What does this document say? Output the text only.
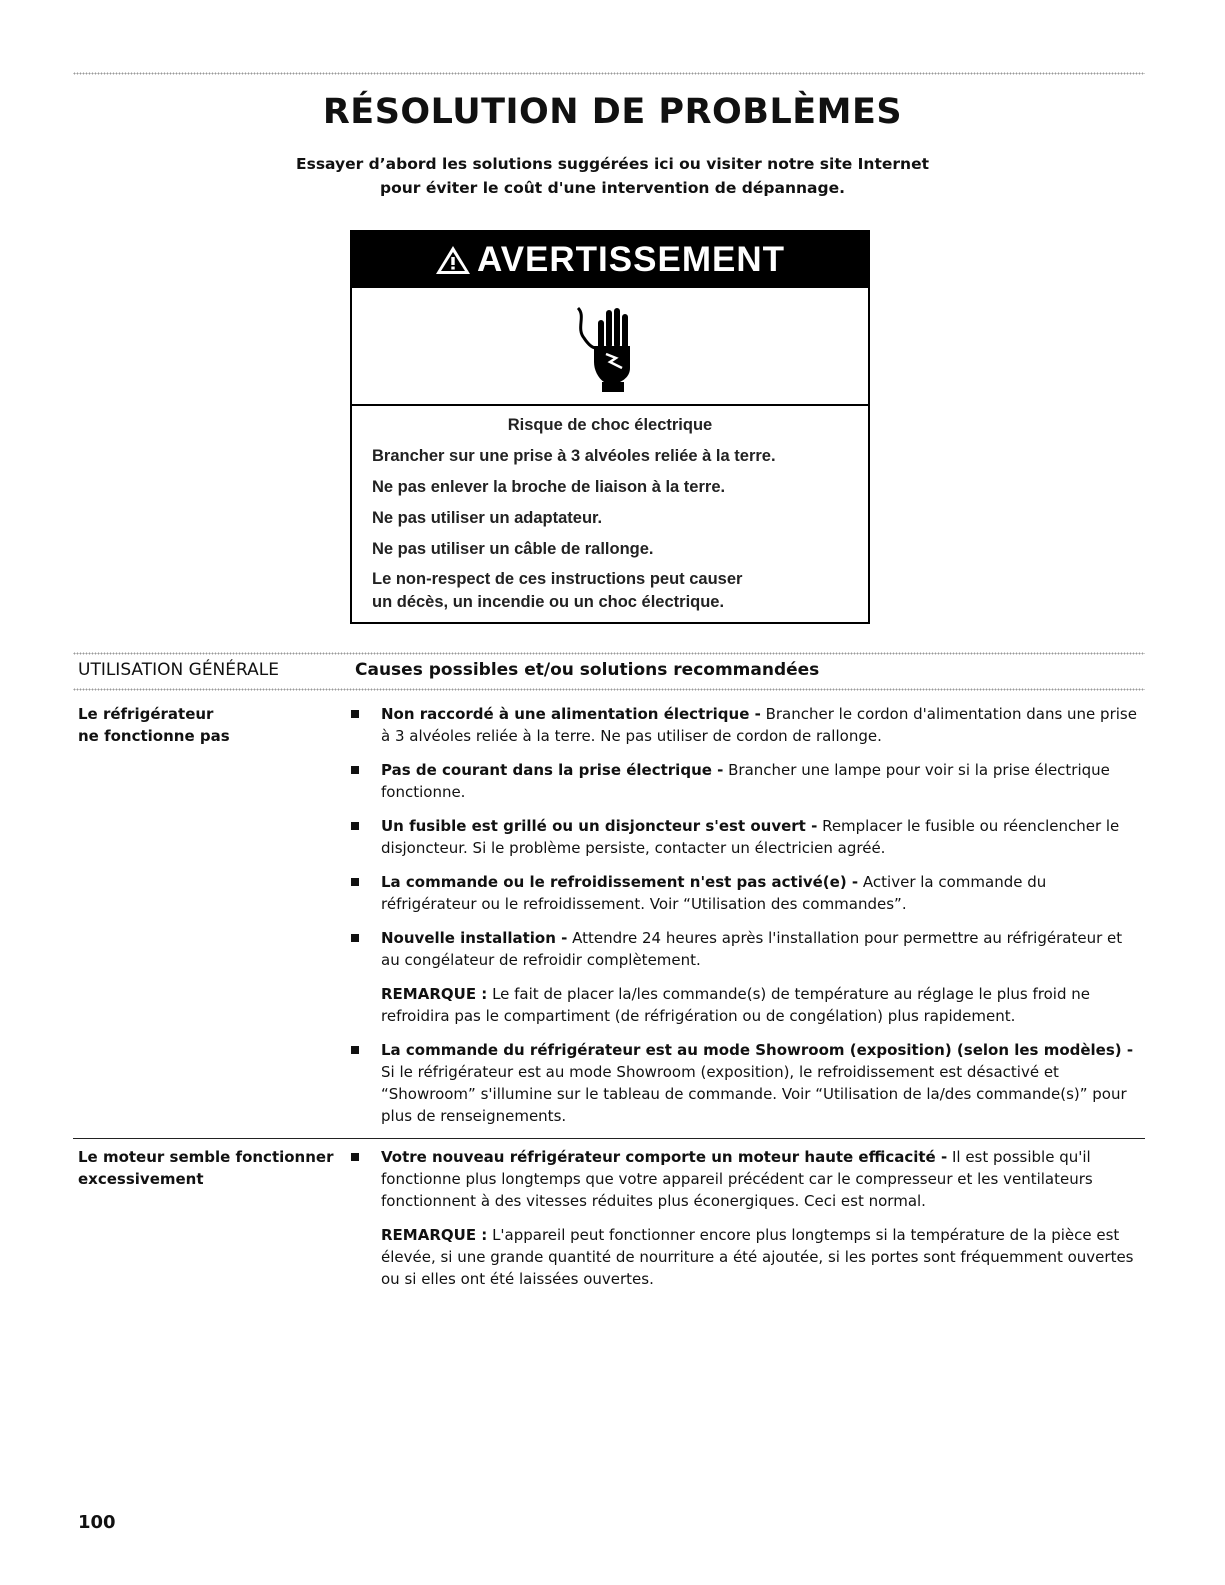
RÉSOLUTION DE PROBLÈMES
Essayer d’abord les solutions suggérées ici ou visiter notre site Internet
pour éviter le coût d'une intervention de dépannage.
AVERTISSEMENT
Risque de choc électrique
Brancher sur une prise à 3 alvéoles reliée à la terre.
Ne pas enlever la broche de liaison à la terre.
Ne pas utiliser un adaptateur.
Ne pas utiliser un câble de rallonge.
Le non-respect de ces instructions peut causer
un décès, un incendie ou un choc électrique.
UTILISATION GÉNÉRALE	Causes possibles et/ou solutions recommandées
Le réfrigérateur
ne fonctionne pas
Non raccordé à une alimentation électrique - Brancher le cordon d'alimentation dans une prise à 3 alvéoles reliée à la terre. Ne pas utiliser de cordon de rallonge.
Pas de courant dans la prise électrique - Brancher une lampe pour voir si la prise électrique fonctionne.
Un fusible est grillé ou un disjoncteur s'est ouvert - Remplacer le fusible ou réenclencher le disjoncteur. Si le problème persiste, contacter un électricien agréé.
La commande ou le refroidissement n'est pas activé(e) - Activer la commande du réfrigérateur ou le refroidissement. Voir “Utilisation des commandes”.
Nouvelle installation - Attendre 24 heures après l'installation pour permettre au réfrigérateur et au congélateur de refroidir complètement.
REMARQUE : Le fait de placer la/les commande(s) de température au réglage le plus froid ne refroidira pas le compartiment (de réfrigération ou de congélation) plus rapidement.
La commande du réfrigérateur est au mode Showroom (exposition) (selon les modèles) - Si le réfrigérateur est au mode Showroom (exposition), le refroidissement est désactivé et “Showroom” s'illumine sur le tableau de commande. Voir “Utilisation de la/des commande(s)” pour plus de renseignements.
Le moteur semble fonctionner
excessivement
Votre nouveau réfrigérateur comporte un moteur haute efficacité - Il est possible qu'il fonctionne plus longtemps que votre appareil précédent car le compresseur et les ventilateurs fonctionnent à des vitesses réduites plus éconergiques. Ceci est normal.
REMARQUE : L'appareil peut fonctionner encore plus longtemps si la température de la pièce est élevée, si une grande quantité de nourriture a été ajoutée, si les portes sont fréquemment ouvertes ou si elles ont été laissées ouvertes.
100
